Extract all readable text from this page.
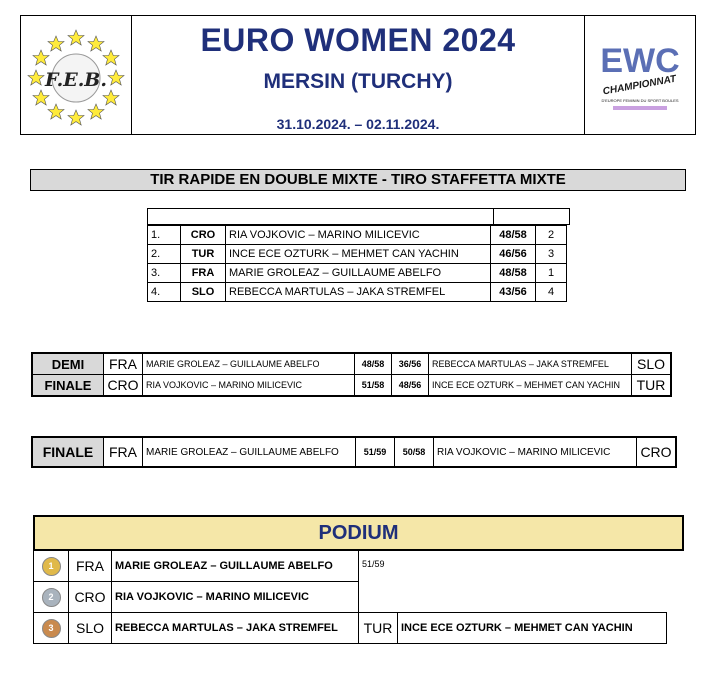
F.E.B.
EURO WOMEN 2024
MERSIN (TURCHY)
31.10.2024. – 02.11.2024.
EWC
CHAMPIONNAT
D'EUROPE FEMININ DU SPORT BOULES
TIR RAPIDE EN DOUBLE MIXTE - TIRO STAFFETTA MIXTE
1.	CRO	RIA VOJKOVIC – MARINO MILICEVIC	48/58	2
2.	TUR	INCE ECE OZTURK – MEHMET CAN YACHIN	46/56	3
3.	FRA	MARIE GROLEAZ – GUILLAUME ABELFO	48/58	1
4.	SLO	REBECCA MARTULAS – JAKA STREMFEL	43/56	4
DEMI	FRA	MARIE GROLEAZ – GUILLAUME ABELFO	48/58	36/56	REBECCA MARTULAS – JAKA STREMFEL	SLO
FINALE	CRO	RIA VOJKOVIC – MARINO MILICEVIC	51/58	48/56	INCE ECE OZTURK – MEHMET CAN YACHIN	TUR
FINALE	FRA	MARIE GROLEAZ – GUILLAUME ABELFO	51/59	50/58	RIA VOJKOVIC – MARINO MILICEVIC	CRO
PODIUM
1	FRA	MARIE GROLEAZ – GUILLAUME ABELFO	51/59	
2	CRO	RIA VOJKOVIC – MARINO MILICEVIC		
3	SLO	REBECCA MARTULAS – JAKA STREMFEL	TUR	INCE ECE OZTURK – MEHMET CAN YACHIN
